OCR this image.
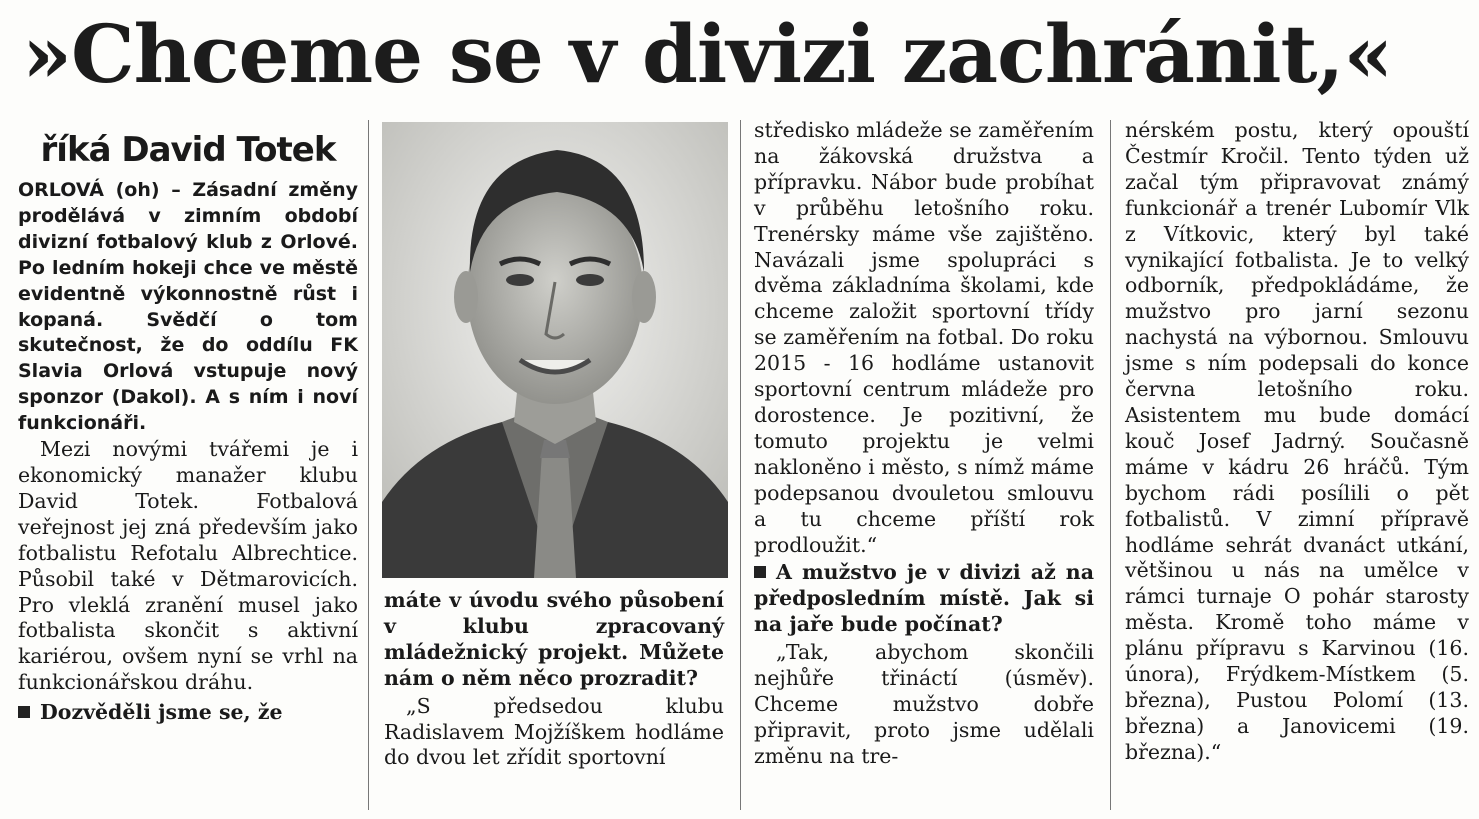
»Chceme se v divizi zachránit,«
říká David Totek

ORLOVÁ (oh) – Zásadní změny prodělává v zimním období divizní fotbalový klub z Orlové. Po ledním hokeji chce ve městě evidentně výkonnostně růst i kopaná. Svědčí o tom skutečnost, že do oddílu FK Slavia Orlová vstupuje nový sponzor (Dakol). A s ním i noví funkcionáři.

Mezi novými tvářemi je i ekonomický manažer klubu David Totek. Fotbalová veřejnost jej zná především jako fotbalistu Refotalu Albrechtice. Působil také v Dětmarovicích. Pro vleklá zranění musel jako fotbalista skončit s aktivní kariérou, ovšem nyní se vrhl na funkcionářskou dráhu.

Dozvěděli jsme se, že

máte v úvodu svého působení v klubu zpracovaný mládežnický projekt. Můžete nám o něm něco prozradit?

„S předsedou klubu Radislavem Mojžíškem hodláme do dvou let zřídit sportovní

středisko mládeže se zaměřením na žákovská družstva a přípravku. Nábor bude probíhat v průběhu letošního roku. Trenérsky máme vše zajištěno. Navázali jsme spolupráci s dvěma základníma školami, kde chceme založit sportovní třídy se zaměřením na fotbal. Do roku 2015 - 16 hodláme ustanovit sportovní centrum mládeže pro dorostence. Je pozitivní, že tomuto projektu je velmi nakloněno i město, s nímž máme podepsanou dvouletou smlouvu a tu chceme příští rok prodloužit.“

A mužstvo je v divizi až na předposledním místě. Jak si na jaře bude počínat?

„Tak, abychom skončili nejhůře třináctí (úsměv). Chceme mužstvo dobře připravit, proto jsme udělali změnu na tre-

nérském postu, který opouští Čestmír Kročil. Tento týden už začal tým připravovat známý funkcionář a trenér Lubomír Vlk z Vítkovic, který byl také vynikající fotbalista. Je to velký odborník, předpokládáme, že mužstvo pro jarní sezonu nachystá na výbornou. Smlouvu jsme s ním podepsali do konce června letošního roku. Asistentem mu bude domácí kouč Josef Jadrný. Současně máme v kádru 26 hráčů. Tým bychom rádi posílili o pět fotbalistů. V zimní přípravě hodláme sehrát dvanáct utkání, většinou u nás na umělce v rámci turnaje O pohár starosty města. Kromě toho máme v plánu přípravu s Karvinou (16. února), Frýdkem-Místkem (5. března), Pustou Polomí (13. března) a Janovicemi (19. března).“
